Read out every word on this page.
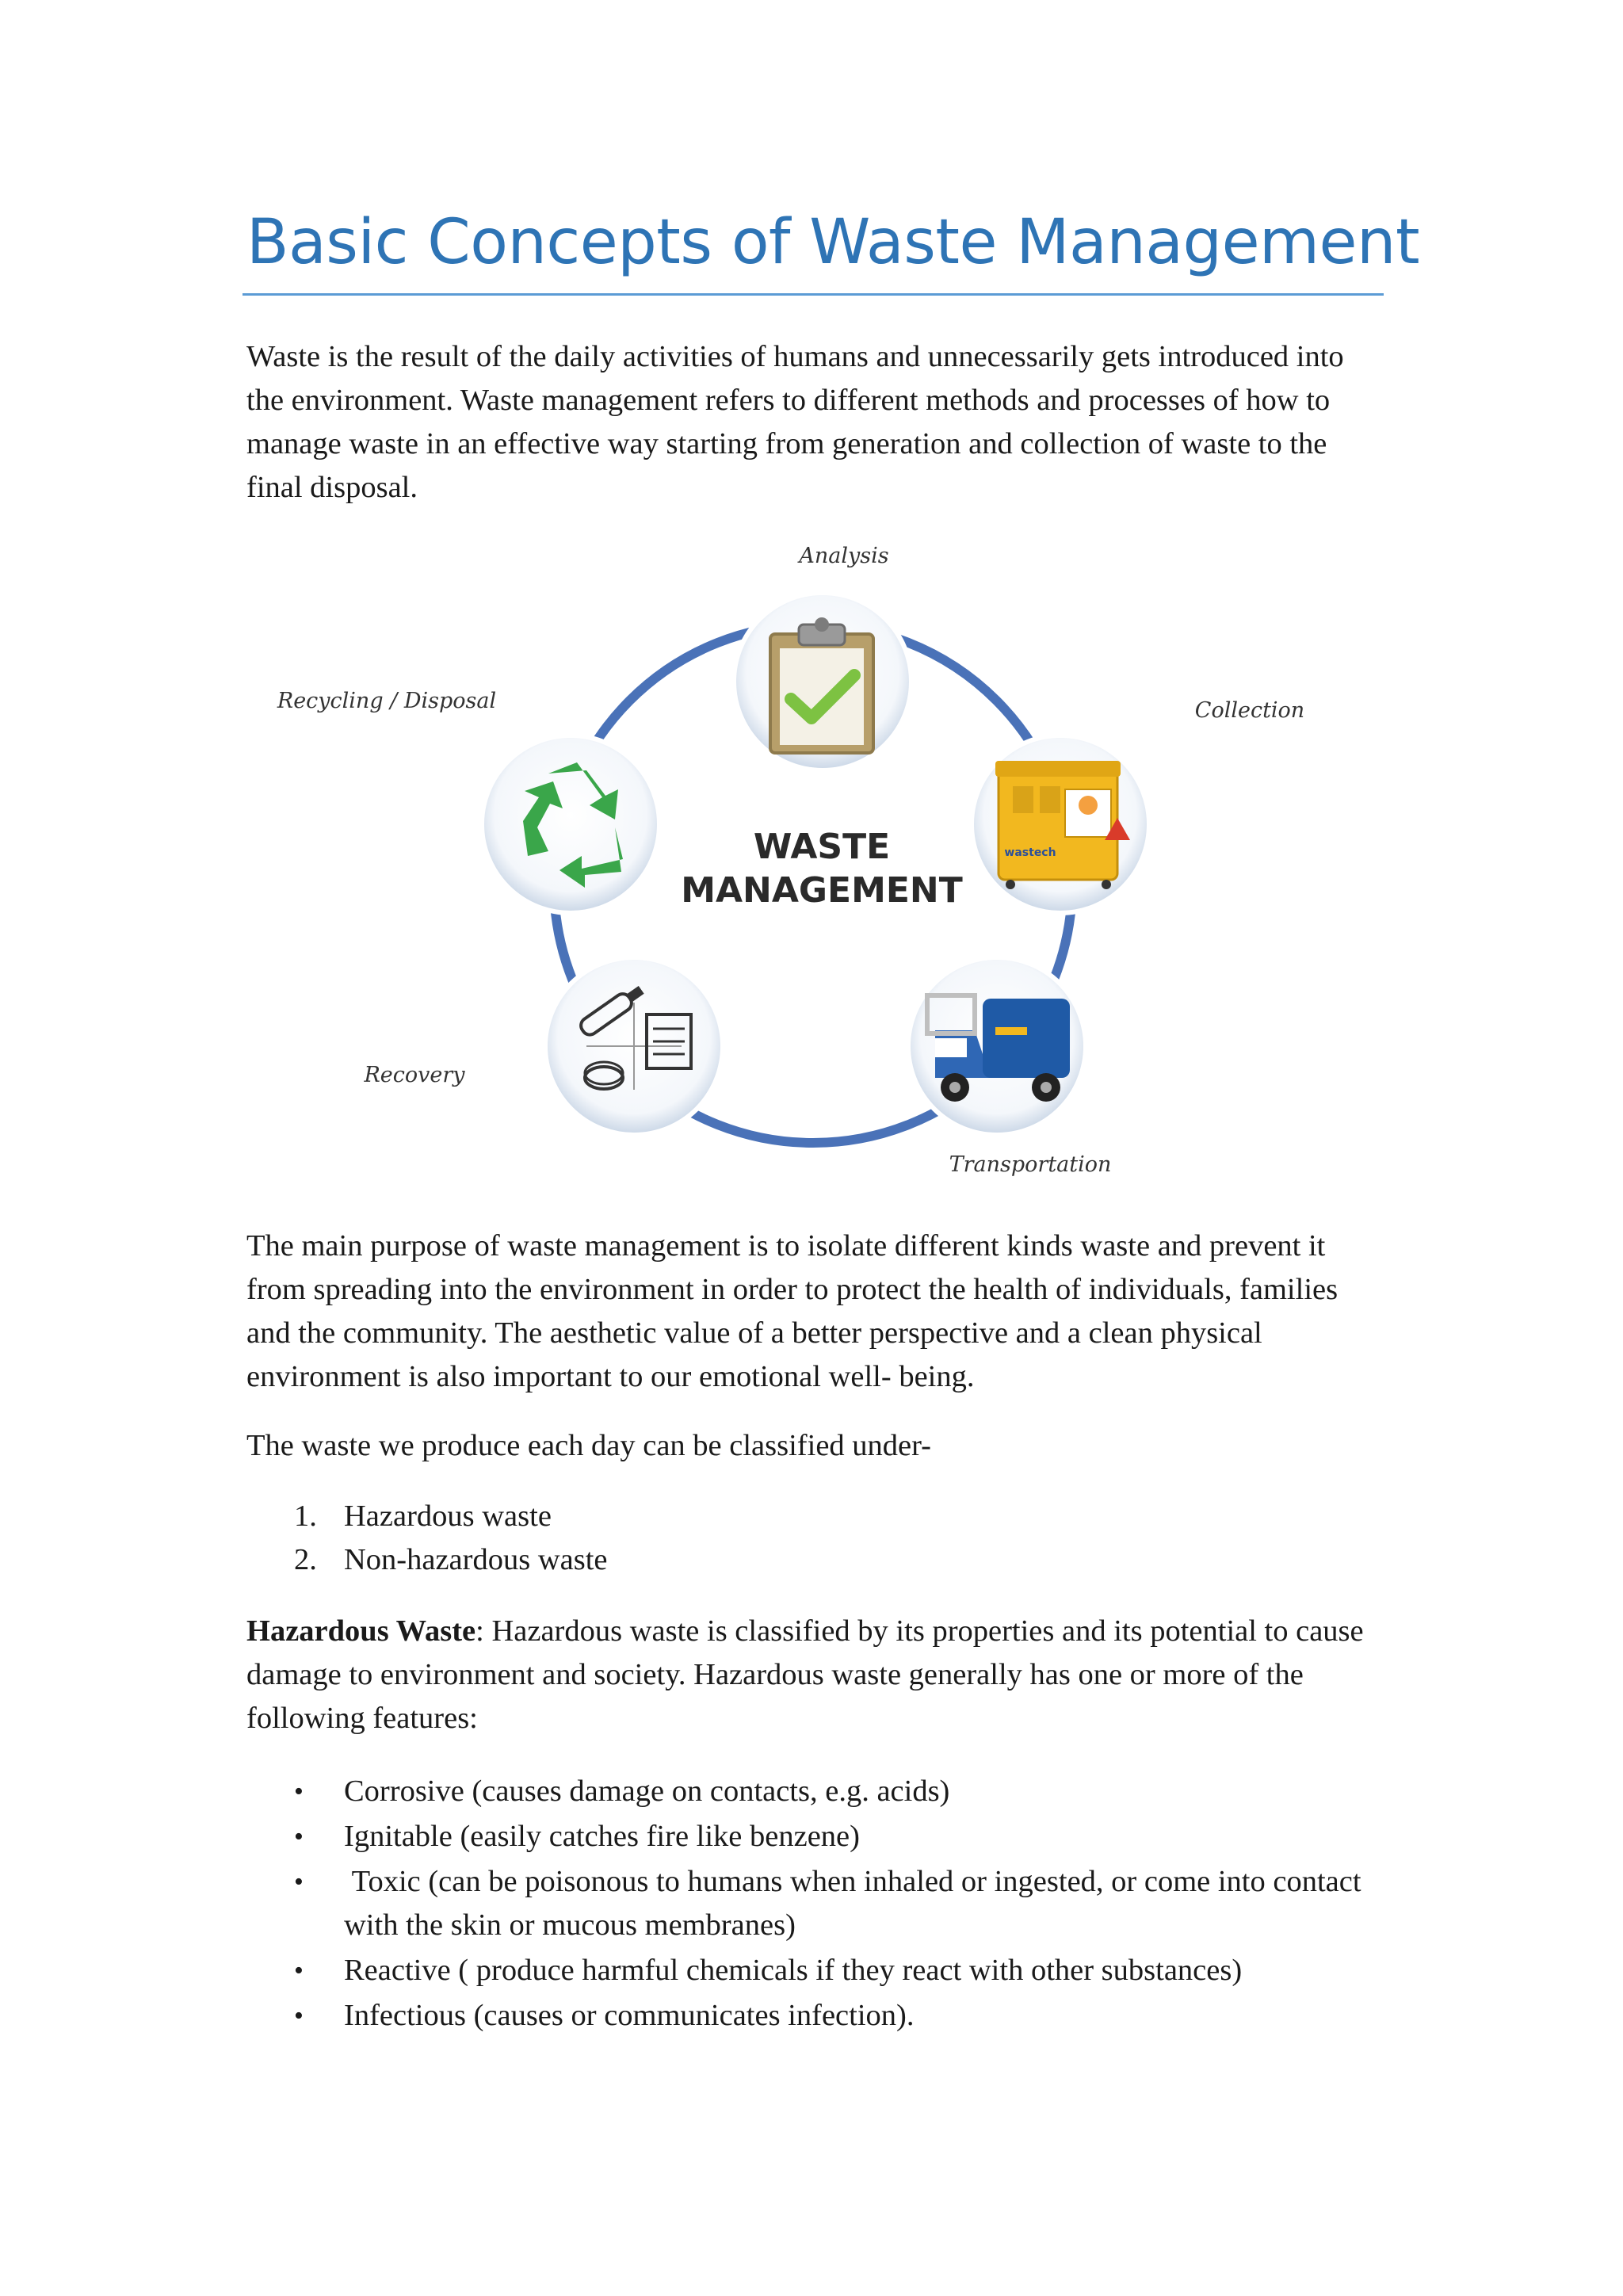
Basic Concepts of Waste Management

Waste is the result of the daily activities of humans and unnecessarily gets introduced into the environment. Waste management refers to different methods and processes of how to manage waste in an effective way starting from generation and collection of waste to the final disposal.

WASTE
MANAGEMENT
Analysis
wastech
Collection
Transportation
Recovery
Recycling / Disposal

The main purpose of waste management is to isolate different kinds waste and prevent it from spreading into the environment in order to protect the health of individuals, families and the community. The aesthetic value of a better perspective and a clean physical environment is also important to our emotional well- being.

The waste we produce each day can be classified under-

1. Hazardous waste
2. Non-hazardous waste

Hazardous Waste: Hazardous waste is classified by its properties and its potential to cause damage to environment and society. Hazardous waste generally has one or more of the following features:

• Corrosive (causes damage on contacts, e.g. acids)
• Ignitable (easily catches fire like benzene)
• Toxic (can be poisonous to humans when inhaled or ingested, or come into contact with the skin or mucous membranes)
• Reactive ( produce harmful chemicals if they react with other substances)
• Infectious (causes or communicates infection).
